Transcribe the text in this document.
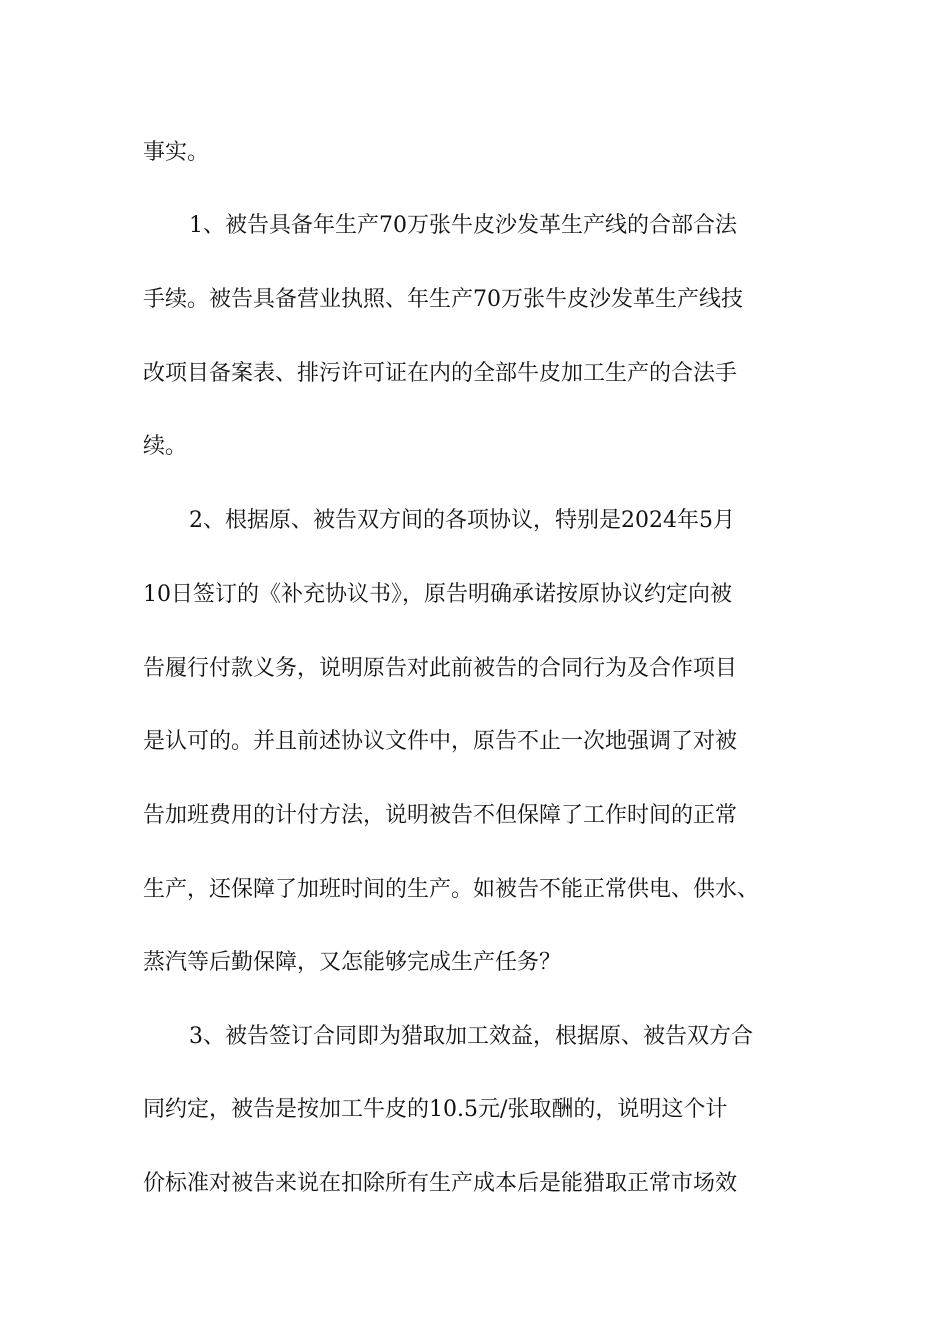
事实。

1、被告具备年生产70万张牛皮沙发革生产线的合部合法

手续。被告具备营业执照、年生产70万张牛皮沙发革生产线技

改项目备案表、排污许可证在内的全部牛皮加工生产的合法手

续。

2、根据原、被告双方间的各项协议，特别是2024年5月

10日签订的《补充协议书》，原告明确承诺按原协议约定向被

告履行付款义务，说明原告对此前被告的合同行为及合作项目

是认可的。并且前述协议文件中，原告不止一次地强调了对被

告加班费用的计付方法，说明被告不但保障了工作时间的正常

生产，还保障了加班时间的生产。如被告不能正常供电、供水、

蒸汽等后勤保障，又怎能够完成生产任务？

3、被告签订合同即为猎取加工效益，根据原、被告双方合

同约定，被告是按加工牛皮的10.5元/张取酬的，说明这个计

价标准对被告来说在扣除所有生产成本后是能猎取正常市场效
